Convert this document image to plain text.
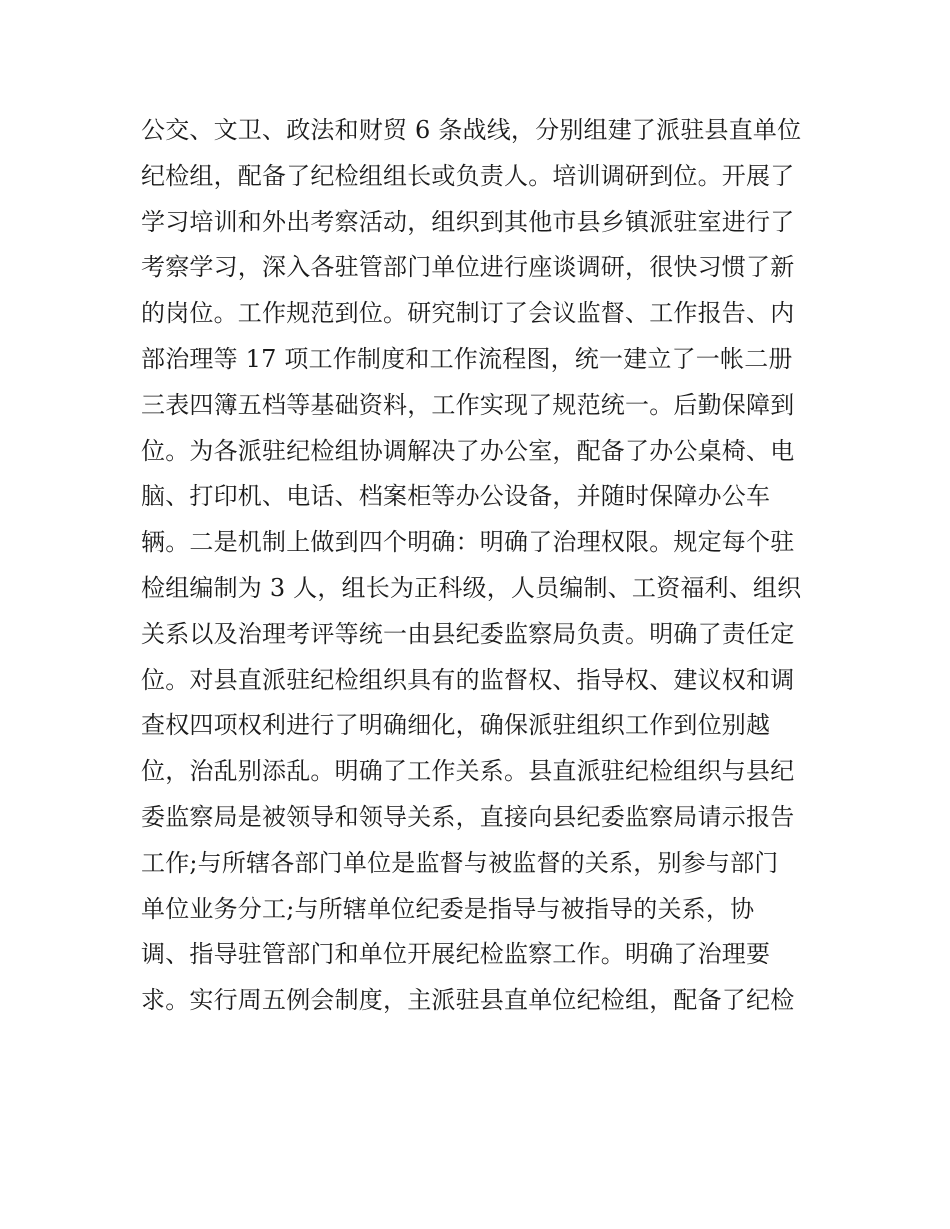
公交、文卫、政法和财贸 6 条战线，分别组建了派驻县直单位
纪检组，配备了纪检组组长或负责人。培训调研到位。开展了
学习培训和外出考察活动，组织到其他市县乡镇派驻室进行了
考察学习，深入各驻管部门单位进行座谈调研，很快习惯了新
的岗位。工作规范到位。研究制订了会议监督、工作报告、内
部治理等 17 项工作制度和工作流程图，统一建立了一帐二册
三表四簿五档等基础资料，工作实现了规范统一。后勤保障到
位。为各派驻纪检组协调解决了办公室，配备了办公桌椅、电
脑、打印机、电话、档案柜等办公设备，并随时保障办公车
辆。二是机制上做到四个明确：明确了治理权限。规定每个驻
检组编制为 3 人，组长为正科级，人员编制、工资福利、组织
关系以及治理考评等统一由县纪委监察局负责。明确了责任定
位。对县直派驻纪检组织具有的监督权、指导权、建议权和调
查权四项权利进行了明确细化，确保派驻组织工作到位别越
位，治乱别添乱。明确了工作关系。县直派驻纪检组织与县纪
委监察局是被领导和领导关系，直接向县纪委监察局请示报告
工作;与所辖各部门单位是监督与被监督的关系，别参与部门
单位业务分工;与所辖单位纪委是指导与被指导的关系，协
调、指导驻管部门和单位开展纪检监察工作。明确了治理要
求。实行周五例会制度，主派驻县直单位纪检组，配备了纪检
